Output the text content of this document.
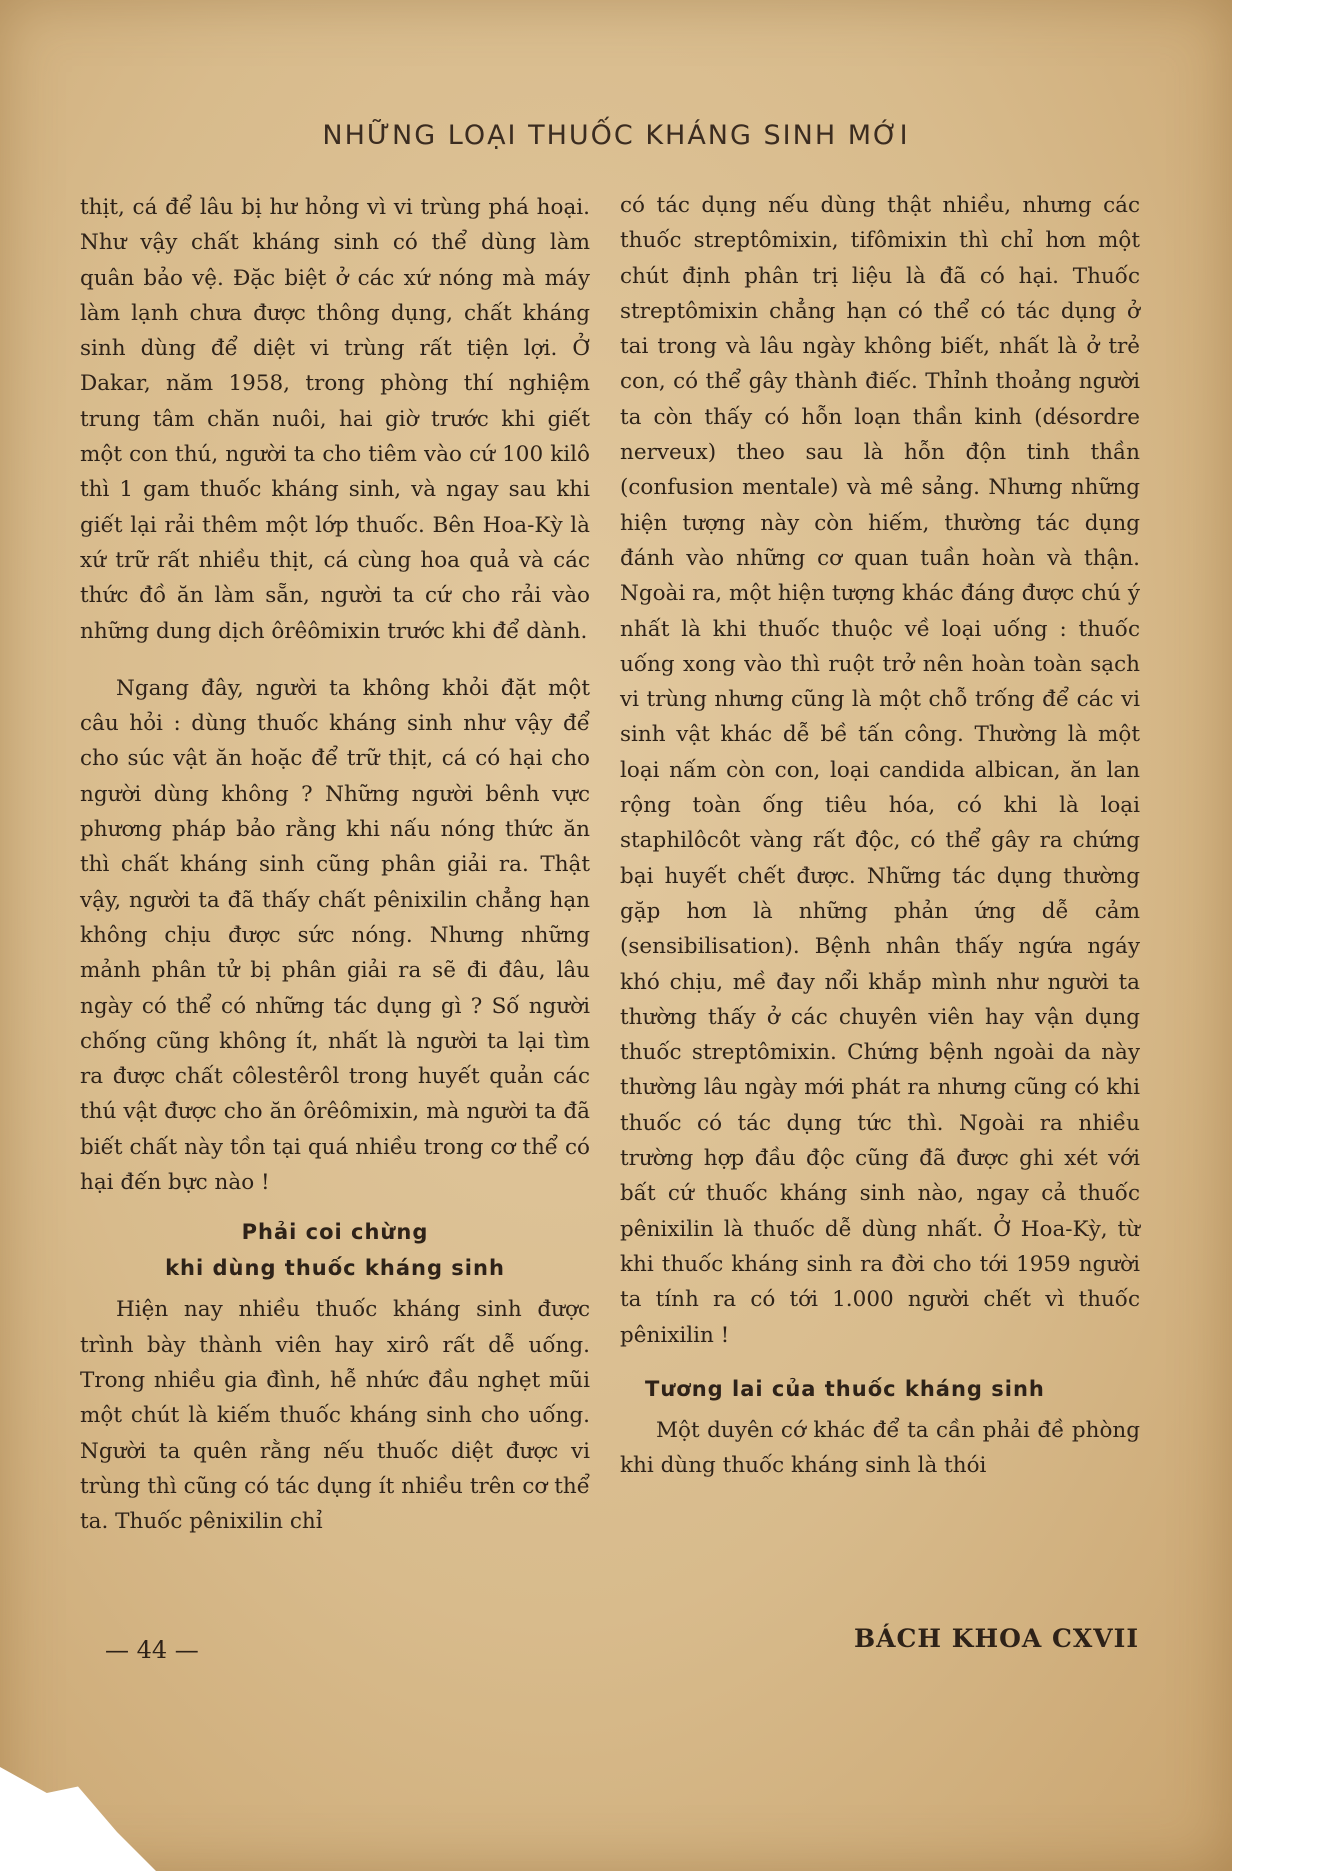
NHỮNG LOẠI THUỐC KHÁNG SINH MỚI

thịt, cá để lâu bị hư hỏng vì vi trùng phá hoại. Như vậy chất kháng sinh có thể dùng làm quân bảo vệ. Đặc biệt ở các xứ nóng mà máy làm lạnh chưa được thông dụng, chất kháng sinh dùng để diệt vi trùng rất tiện lợi. Ở Dakar, năm 1958, trong phòng thí nghiệm trung tâm chăn nuôi, hai giờ trước khi giết một con thú, người ta cho tiêm vào cứ 100 kilô thì 1 gam thuốc kháng sinh, và ngay sau khi giết lại rải thêm một lớp thuốc. Bên Hoa-Kỳ là xứ trữ rất nhiều thịt, cá cùng hoa quả và các thức đồ ăn làm sẵn, người ta cứ cho rải vào những dung dịch ôrêômixin trước khi để dành.

Ngang đây, người ta không khỏi đặt một câu hỏi : dùng thuốc kháng sinh như vậy để cho súc vật ăn hoặc để trữ thịt, cá có hại cho người dùng không ? Những người bênh vực phương pháp bảo rằng khi nấu nóng thức ăn thì chất kháng sinh cũng phân giải ra. Thật vậy, người ta đã thấy chất pênixilin chẳng hạn không chịu được sức nóng. Nhưng những mảnh phân tử bị phân giải ra sẽ đi đâu, lâu ngày có thể có những tác dụng gì ? Số người chống cũng không ít, nhất là người ta lại tìm ra được chất côlestêrôl trong huyết quản các thú vật được cho ăn ôrêômixin, mà người ta đã biết chất này tồn tại quá nhiều trong cơ thể có hại đến bực nào !

Phải coi chừng
khi dùng thuốc kháng sinh

Hiện nay nhiều thuốc kháng sinh được trình bày thành viên hay xirô rất dễ uống. Trong nhiều gia đình, hễ nhức đầu nghẹt mũi một chút là kiếm thuốc kháng sinh cho uống. Người ta quên rằng nếu thuốc diệt được vi trùng thì cũng có tác dụng ít nhiều trên cơ thể ta. Thuốc pênixilin chỉ

có tác dụng nếu dùng thật nhiều, nhưng các thuốc streptômixin, tifômixin thì chỉ hơn một chút định phân trị liệu là đã có hại. Thuốc streptômixin chẳng hạn có thể có tác dụng ở tai trong và lâu ngày không biết, nhất là ở trẻ con, có thể gây thành điếc. Thỉnh thoảng người ta còn thấy có hỗn loạn thần kinh (désordre nerveux) theo sau là hỗn độn tinh thần (confusion mentale) và mê sảng. Nhưng những hiện tượng này còn hiếm, thường tác dụng đánh vào những cơ quan tuần hoàn và thận. Ngoài ra, một hiện tượng khác đáng được chú ý nhất là khi thuốc thuộc về loại uống : thuốc uống xong vào thì ruột trở nên hoàn toàn sạch vi trùng nhưng cũng là một chỗ trống để các vi sinh vật khác dễ bề tấn công. Thường là một loại nấm còn con, loại candida albican, ăn lan rộng toàn ống tiêu hóa, có khi là loại staphilôcôt vàng rất độc, có thể gây ra chứng bại huyết chết được. Những tác dụng thường gặp hơn là những phản ứng dễ cảm (sensibilisation). Bệnh nhân thấy ngứa ngáy khó chịu, mề đay nổi khắp mình như người ta thường thấy ở các chuyên viên hay vận dụng thuốc streptômixin. Chứng bệnh ngoài da này thường lâu ngày mới phát ra nhưng cũng có khi thuốc có tác dụng tức thì. Ngoài ra nhiều trường hợp đầu độc cũng đã được ghi xét với bất cứ thuốc kháng sinh nào, ngay cả thuốc pênixilin là thuốc dễ dùng nhất. Ở Hoa-Kỳ, từ khi thuốc kháng sinh ra đời cho tới 1959 người ta tính ra có tới 1.000 người chết vì thuốc pênixilin !

Tương lai của thuốc kháng sinh

Một duyên cớ khác để ta cần phải đề phòng khi dùng thuốc kháng sinh là thói

— 44 —	BÁCH KHOA CXVII
